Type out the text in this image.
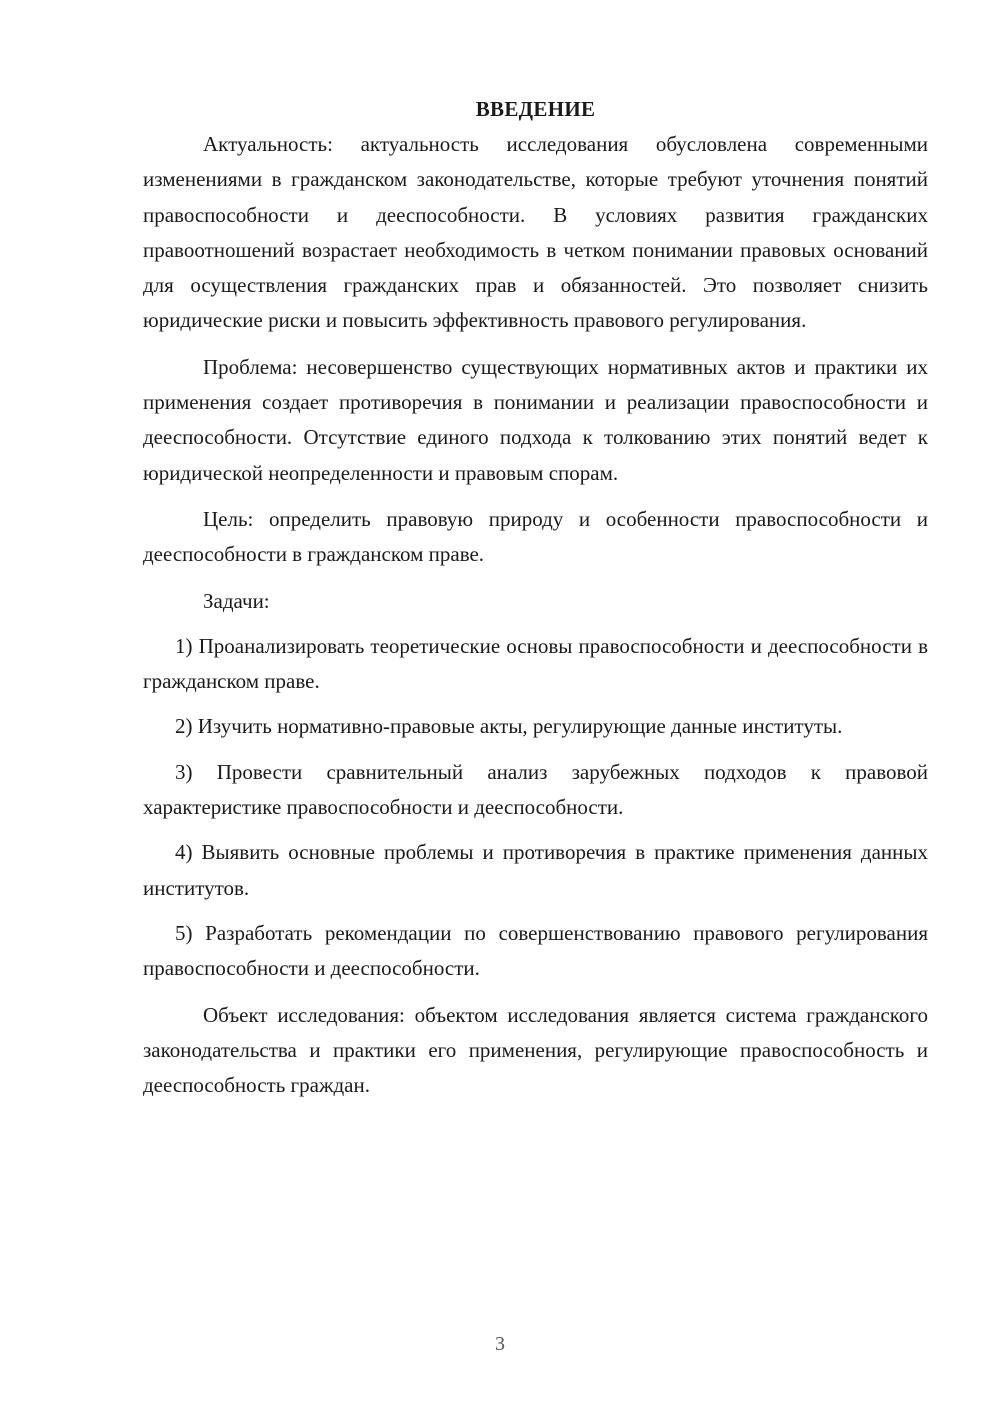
ВВЕДЕНИЕ

Актуальность: актуальность исследования обусловлена современными изменениями в гражданском законодательстве, которые требуют уточнения понятий правоспособности и дееспособности. В условиях развития гражданских правоотношений возрастает необходимость в четком понимании правовых оснований для осуществления гражданских прав и обязанностей. Это позволяет снизить юридические риски и повысить эффективность правового регулирования.

Проблема: несовершенство существующих нормативных актов и практики их применения создает противоречия в понимании и реализации правоспособности и дееспособности. Отсутствие единого подхода к толкованию этих понятий ведет к юридической неопределенности и правовым спорам.

Цель: определить правовую природу и особенности правоспособности и дееспособности в гражданском праве.

Задачи:

1) Проанализировать теоретические основы правоспособности и дееспособности в гражданском праве.

2) Изучить нормативно-правовые акты, регулирующие данные институты.

3) Провести сравнительный анализ зарубежных подходов к правовой характеристике правоспособности и дееспособности.

4) Выявить основные проблемы и противоречия в практике применения данных институтов.

5) Разработать рекомендации по совершенствованию правового регулирования правоспособности и дееспособности.

Объект исследования: объектом исследования является система гражданского законодательства и практики его применения, регулирующие правоспособность и дееспособность граждан.

3
